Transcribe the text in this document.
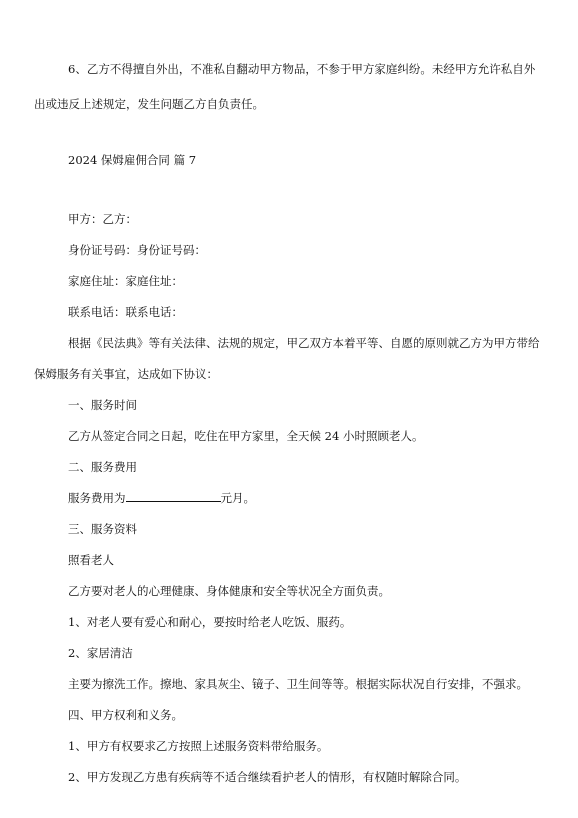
6、乙方不得擅自外出，不准私自翻动甲方物品，不参于甲方家庭纠纷。未经甲方允许私自外
出或违反上述规定，发生问题乙方自负责任。
2024 保姆雇佣合同 篇 7
甲方：乙方：
身份证号码：身份证号码：
家庭住址：家庭住址：
联系电话：联系电话：
根据《民法典》等有关法律、法规的规定，甲乙双方本着平等、自愿的原则就乙方为甲方带给
保姆服务有关事宜，达成如下协议：
一、服务时间
乙方从签定合同之日起，吃住在甲方家里，全天候 24 小时照顾老人。
二、服务费用
服务费用为	元月。
三、服务资料
照看老人
乙方要对老人的心理健康、身体健康和安全等状况全方面负责。
1、对老人要有爱心和耐心，要按时给老人吃饭、服药。
2、家居清洁
主要为擦洗工作。擦地、家具灰尘、镜子、卫生间等等。根据实际状况自行安排，不强求。
四、甲方权利和义务。
1、甲方有权要求乙方按照上述服务资料带给服务。
2、甲方发现乙方患有疾病等不适合继续看护老人的情形，有权随时解除合同。
